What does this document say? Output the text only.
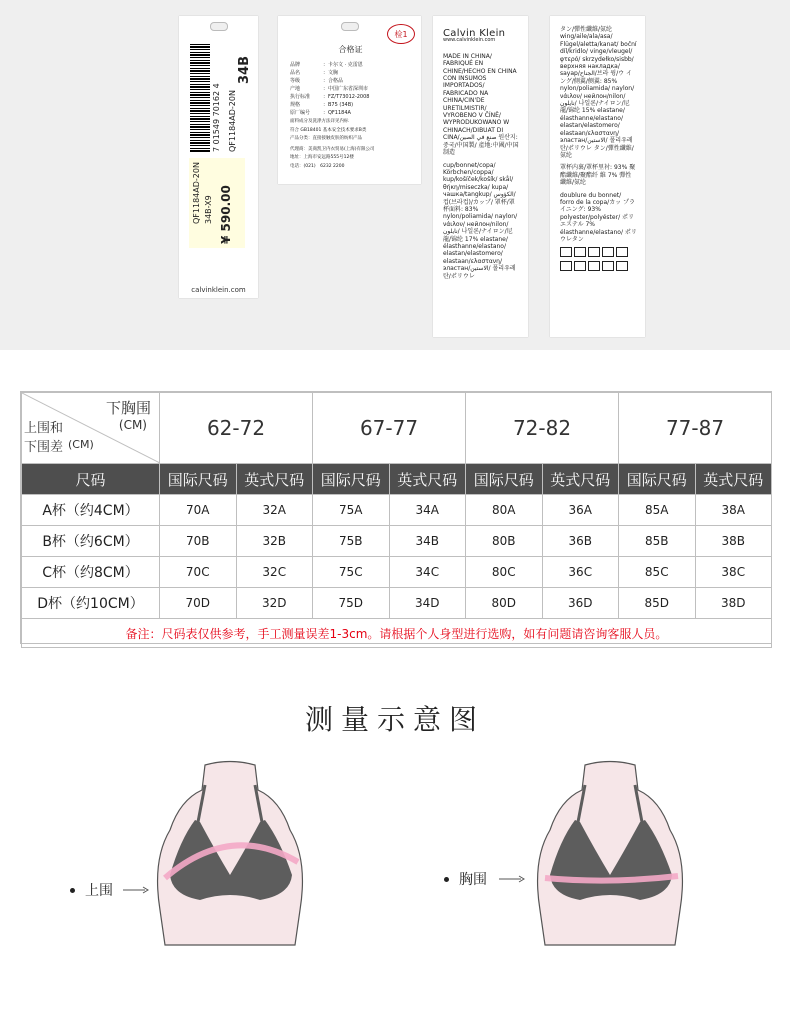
7 01549 70162 4 QF1184AD-20N
34B
QF1184AD-20N 34B-X9 ¥ 590.00
calvinklein.com
检1
合格证
品牌	：卡尔文 · 克雷恩
品名	：文胸
等级	：合格品
产地	：中国广东省深圳市
执行标准	：FZ/T73012-2008
规格	：B75 (34B)
原厂编号	：QF1184A
面料成分及洗涤方法详见内标
符合 GB18401 基本安全技术要求B类
产品分类：直接接触皮肤的纺织产品
代理商：美商凯卫内衣贸易(上海)有限公司
地址：上海市安远路555号12楼
电话：(021)　6232 2200
Calvin Klein
www.calvinklein.com
MADE IN CHINA/ FABRIQUÉ EN CHINE/HECHO EN CHINA CON INSUMOS IMPORTADOS/ FABRICADO NA CHINA/CIN'DE URETILMISTIR/ VYROBENO V ČÍNĚ/ WYPRODUKOWANO W CHINACH/DIBUAT DI CINA/صنع في الصين 원산지: 중국/中国製/ 產地:中國/中国制造
cup/bonnet/copa/ Körbchen/coppa/ kup/košíček/košík/ skål/θήκη/miseczka/ kupa/чашка/tangkup/ الكؤوس/컵(브라컵)/カップ/ 罩杯/罩杯面料: 83% nylon/poliamida/ naylon/νάιλον/ нейлон/nilon/نايلون/ 나일론/ナイロン/尼 龍/锦纶 17% elastane/ élasthanne/elastano/ elastan/elastomero/ elastaan/ελαστανη/ эластан/الاستين/ 폴리우레탄/ポリウレ
タン/彈性纖維/氨纶 wing/aile/ala/asa/ Flügel/aletta/kanat/ boční díl/kridlo/ vinge/vleugel/φτερό/ skrzydełko/sisbb/ верхняя накладка/ sayap/الجناح/브라 윙/ウ イング/側翼/侧翼: 85% nylon/poliamida/ naylon/νάιλον/ нейлон/nilon/نايلون/ 나일론/ナイロン/尼 龍/锦纶 15% elastane/ élasthanne/elastano/ elastan/elastomero/ elastaan/ελαστανη/ эластан/الاستين/ 폴리우레탄/ポリウレ タン/彈性纖維/氨纶
罩杯内裏/罩杯里衬: 93% 聚酯纖維/聚酯纤 維 7% 彈性纖維/氨纶
doublure du bonnet/ forro de la copa/カッ プライニング: 93% polyester/polyéster/ ポリエステル 7% élasthanne/elastano/ ポリウレタン
下胸围
(CM)
上围和
下围差 (CM)	62-72		67-77		72-82		77-87	
尺码	国际尺码	英式尺码	国际尺码	英式尺码	国际尺码	英式尺码	国际尺码	英式尺码
A杯（约4CM）	70A	32A	75A	34A	80A	36A	85A	38A
B杯（约6CM）	70B	32B	75B	34B	80B	36B	85B	38B
C杯（约8CM）	70C	32C	75C	34C	80C	36C	85C	38C
D杯（约10CM）	70D	32D	75D	34D	80D	36D	85D	38D
备注：尺码表仅供参考，手工测量误差1-3cm。请根据个人身型进行选购，如有问题请咨询客服人员。								
测量示意图
上围
胸围
